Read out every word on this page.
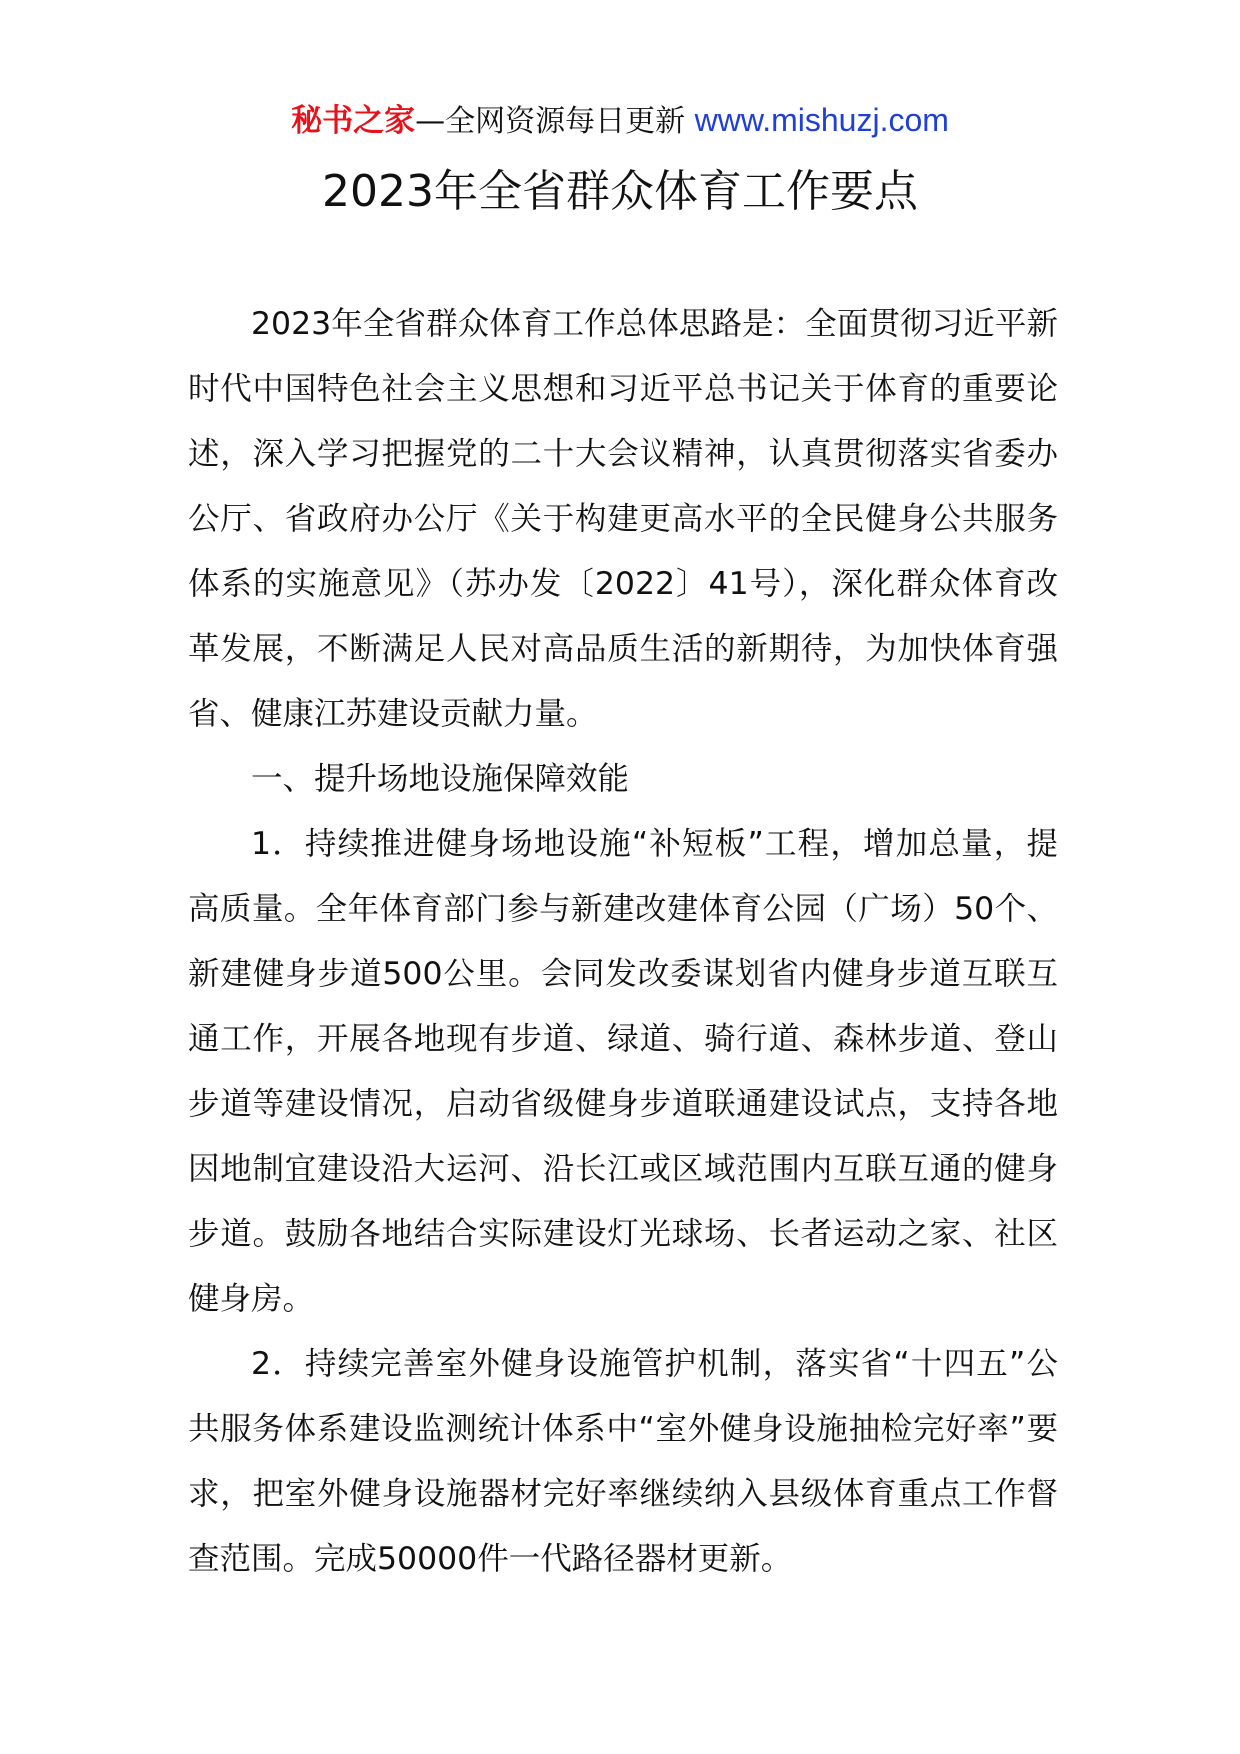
秘书之家—全网资源每日更新 www.mishuzj.com
2023年全省群众体育工作要点

2023年全省群众体育工作总体思路是：全面贯彻习近平新时代中国特色社会主义思想和习近平总书记关于体育的重要论述，深入学习把握党的二十大会议精神，认真贯彻落实省委办公厅、省政府办公厅《关于构建更高水平的全民健身公共服务体系的实施意见》（苏办发〔2022〕41号），深化群众体育改革发展，不断满足人民对高品质生活的新期待，为加快体育强省、健康江苏建设贡献力量。

一、提升场地设施保障效能

1．持续推进健身场地设施“补短板”工程，增加总量，提高质量。全年体育部门参与新建改建体育公园（广场）50个、新建健身步道500公里。会同发改委谋划省内健身步道互联互通工作，开展各地现有步道、绿道、骑行道、森林步道、登山步道等建设情况，启动省级健身步道联通建设试点，支持各地因地制宜建设沿大运河、沿长江或区域范围内互联互通的健身步道。鼓励各地结合实际建设灯光球场、长者运动之家、社区健身房。

2．持续完善室外健身设施管护机制，落实省“十四五”公共服务体系建设监测统计体系中“室外健身设施抽检完好率”要求，把室外健身设施器材完好率继续纳入县级体育重点工作督查范围。完成50000件一代路径器材更新。
